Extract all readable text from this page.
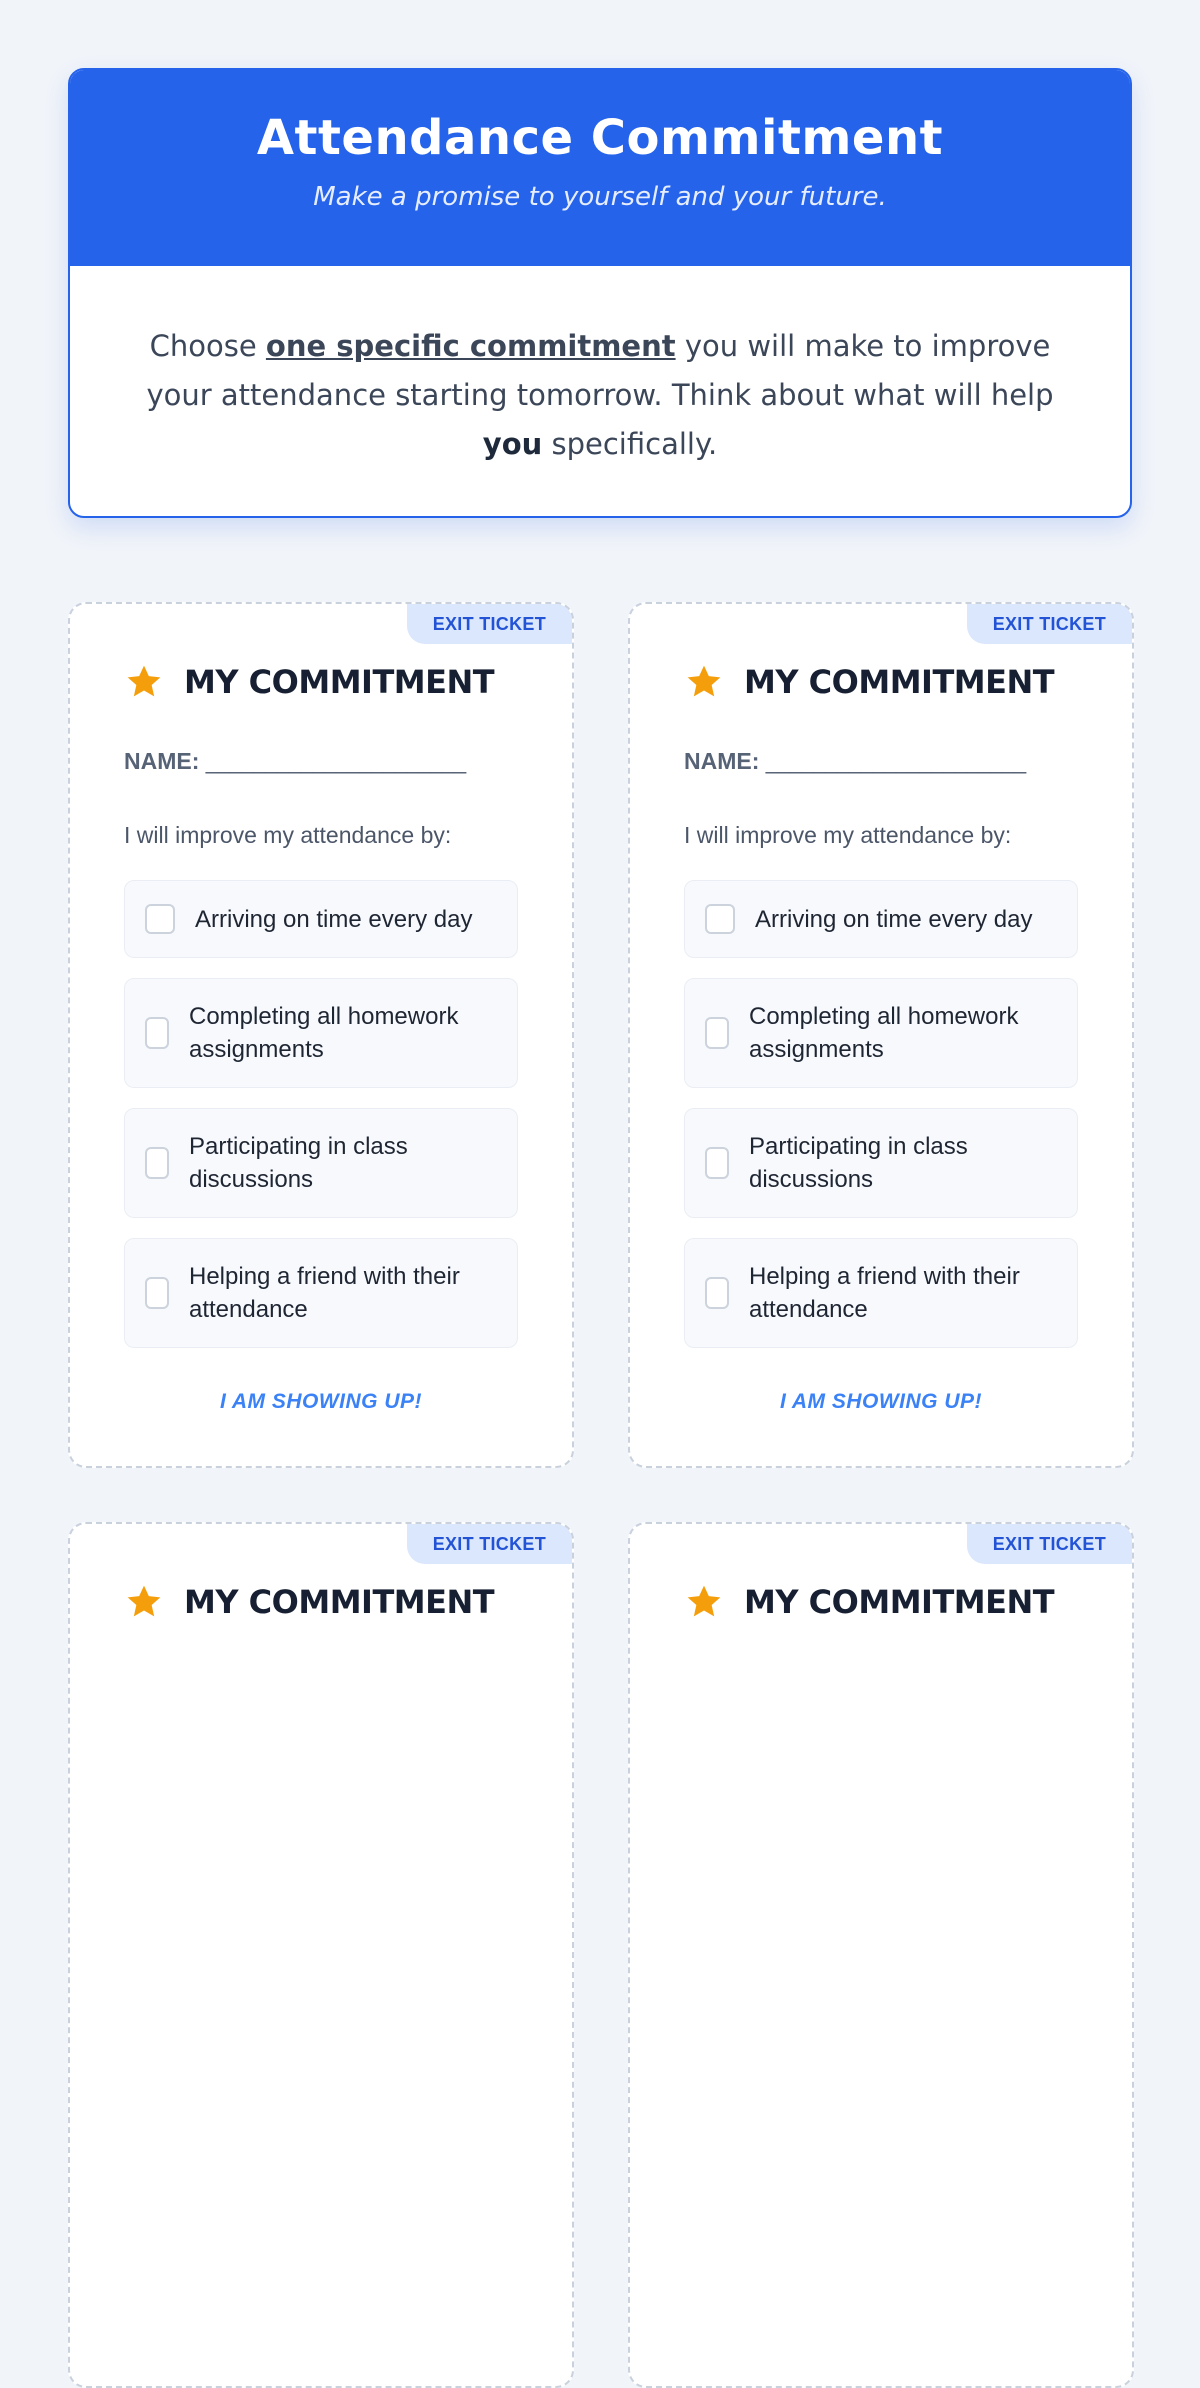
Attendance Commitment
Make a promise to yourself and your future.
Choose one specific commitment you will make to improve your attendance starting tomorrow. Think about what will help you specifically.
EXIT TICKET
MY COMMITMENT
NAME: ______________________
I will improve my attendance by:
Arriving on time every day
Completing all homework assignments
Participating in class discussions
Helping a friend with their attendance
I AM SHOWING UP!
EXIT TICKET
MY COMMITMENT
NAME: ______________________
I will improve my attendance by:
Arriving on time every day
Completing all homework assignments
Participating in class discussions
Helping a friend with their attendance
I AM SHOWING UP!
EXIT TICKET
MY COMMITMENT
EXIT TICKET
MY COMMITMENT
